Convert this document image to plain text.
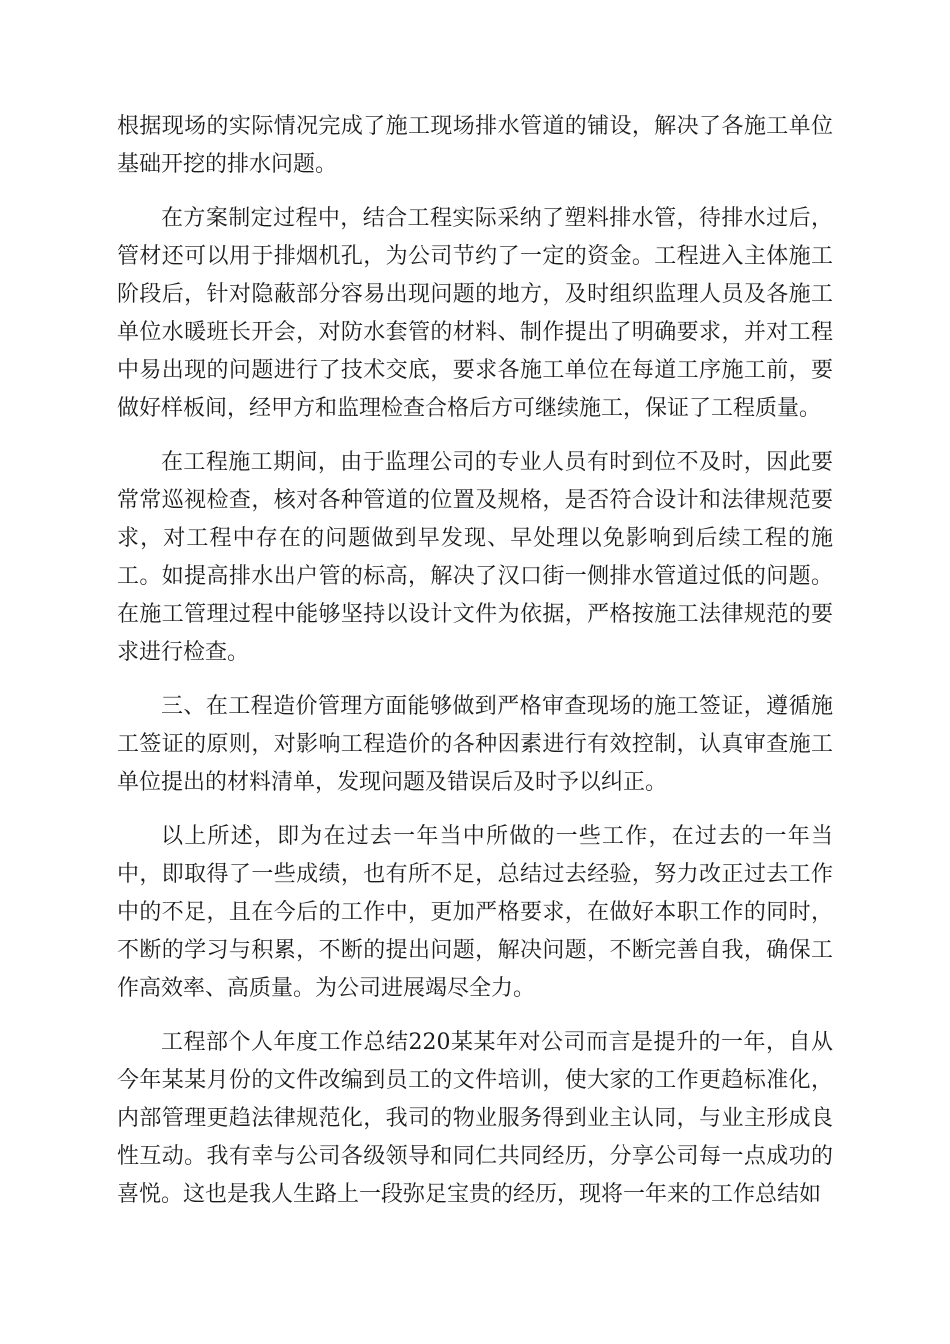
根据现场的实际情况完成了施工现场排水管道的铺设，解决了各施工单位基础开挖的排水问题。

在方案制定过程中，结合工程实际采纳了塑料排水管，待排水过后，管材还可以用于排烟机孔，为公司节约了一定的资金。工程进入主体施工阶段后，针对隐蔽部分容易出现问题的地方，及时组织监理人员及各施工单位水暖班长开会，对防水套管的材料、制作提出了明确要求，并对工程中易出现的问题进行了技术交底，要求各施工单位在每道工序施工前，要做好样板间，经甲方和监理检查合格后方可继续施工，保证了工程质量。

在工程施工期间，由于监理公司的专业人员有时到位不及时，因此要常常巡视检查，核对各种管道的位置及规格，是否符合设计和法律规范要求，对工程中存在的问题做到早发现、早处理以免影响到后续工程的施工。如提高排水出户管的标高，解决了汉口街一侧排水管道过低的问题。在施工管理过程中能够坚持以设计文件为依据，严格按施工法律规范的要求进行检查。

三、在工程造价管理方面能够做到严格审查现场的施工签证，遵循施工签证的原则，对影响工程造价的各种因素进行有效控制，认真审查施工单位提出的材料清单，发现问题及错误后及时予以纠正。

以上所述，即为在过去一年当中所做的一些工作，在过去的一年当中，即取得了一些成绩，也有所不足，总结过去经验，努力改正过去工作中的不足，且在今后的工作中，更加严格要求，在做好本职工作的同时，不断的学习与积累，不断的提出问题，解决问题，不断完善自我，确保工作高效率、高质量。为公司进展竭尽全力。

工程部个人年度工作总结220某某年对公司而言是提升的一年，自从今年某某月份的文件改编到员工的文件培训，使大家的工作更趋标准化，内部管理更趋法律规范化，我司的物业服务得到业主认同，与业主形成良性互动。我有幸与公司各级领导和同仁共同经历，分享公司每一点成功的喜悦。这也是我人生路上一段弥足宝贵的经历，现将一年来的工作总结如
